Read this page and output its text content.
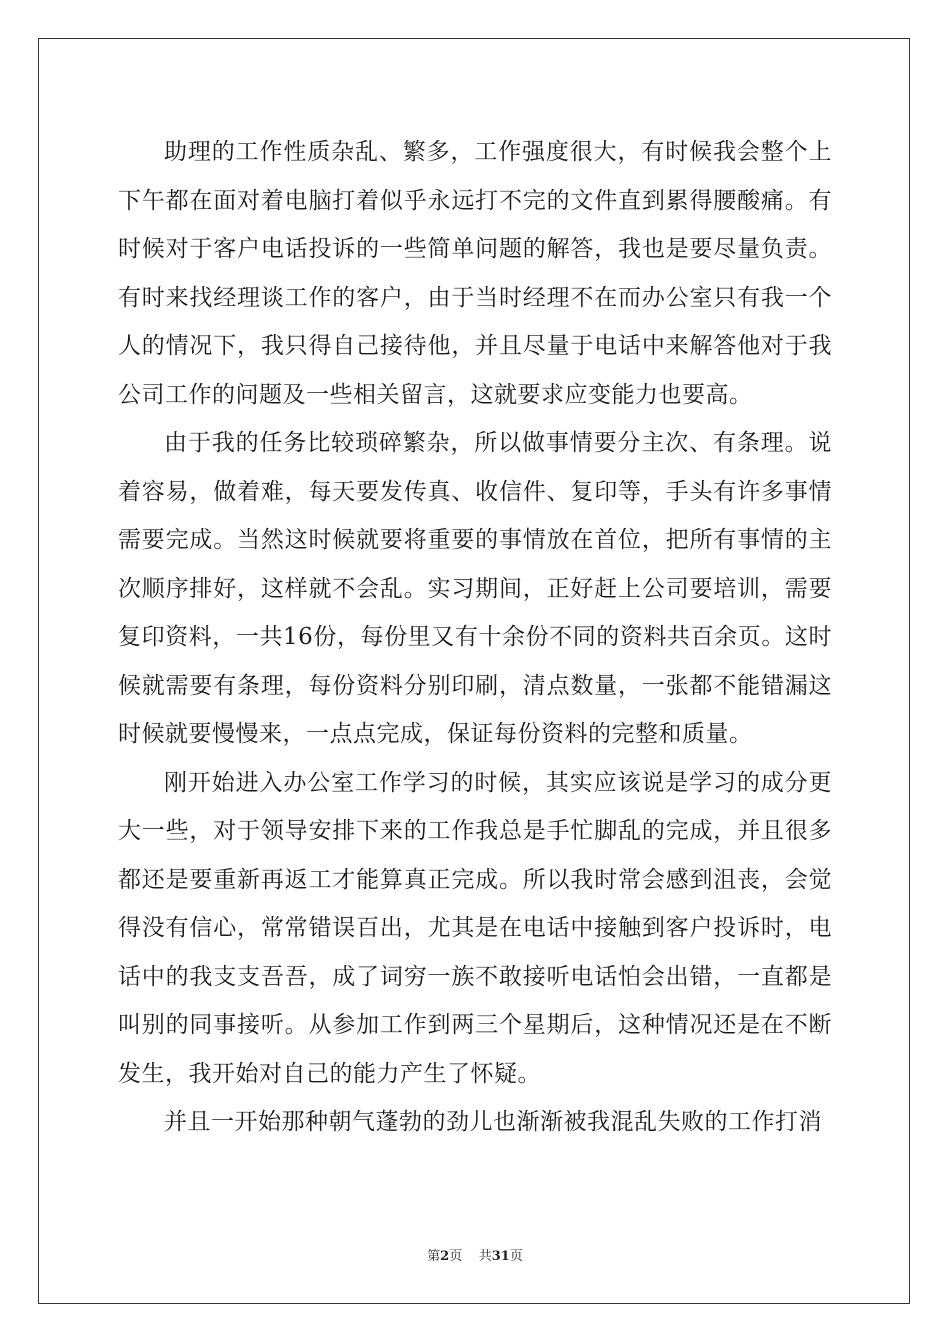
助理的工作性质杂乱、繁多，工作强度很大，有时候我会整个上下午都在面对着电脑打着似乎永远打不完的文件直到累得腰酸痛。有时候对于客户电话投诉的一些简单问题的解答，我也是要尽量负责。有时来找经理谈工作的客户，由于当时经理不在而办公室只有我一个人的情况下，我只得自己接待他，并且尽量于电话中来解答他对于我公司工作的问题及一些相关留言，这就要求应变能力也要高。

由于我的任务比较琐碎繁杂，所以做事情要分主次、有条理。说着容易，做着难，每天要发传真、收信件、复印等，手头有许多事情需要完成。当然这时候就要将重要的事情放在首位，把所有事情的主次顺序排好，这样就不会乱。实习期间，正好赶上公司要培训，需要复印资料，一共16份，每份里又有十余份不同的资料共百余页。这时候就需要有条理，每份资料分别印刷，清点数量，一张都不能错漏这时候就要慢慢来，一点点完成，保证每份资料的完整和质量。

刚开始进入办公室工作学习的时候，其实应该说是学习的成分更大一些，对于领导安排下来的工作我总是手忙脚乱的完成，并且很多都还是要重新再返工才能算真正完成。所以我时常会感到沮丧，会觉得没有信心，常常错误百出，尤其是在电话中接触到客户投诉时，电话中的我支支吾吾，成了词穷一族不敢接听电话怕会出错，一直都是叫别的同事接听。从参加工作到两三个星期后，这种情况还是在不断发生，我开始对自己的能力产生了怀疑。

并且一开始那种朝气蓬勃的劲儿也渐渐被我混乱失败的工作打消

第2页 共31页
